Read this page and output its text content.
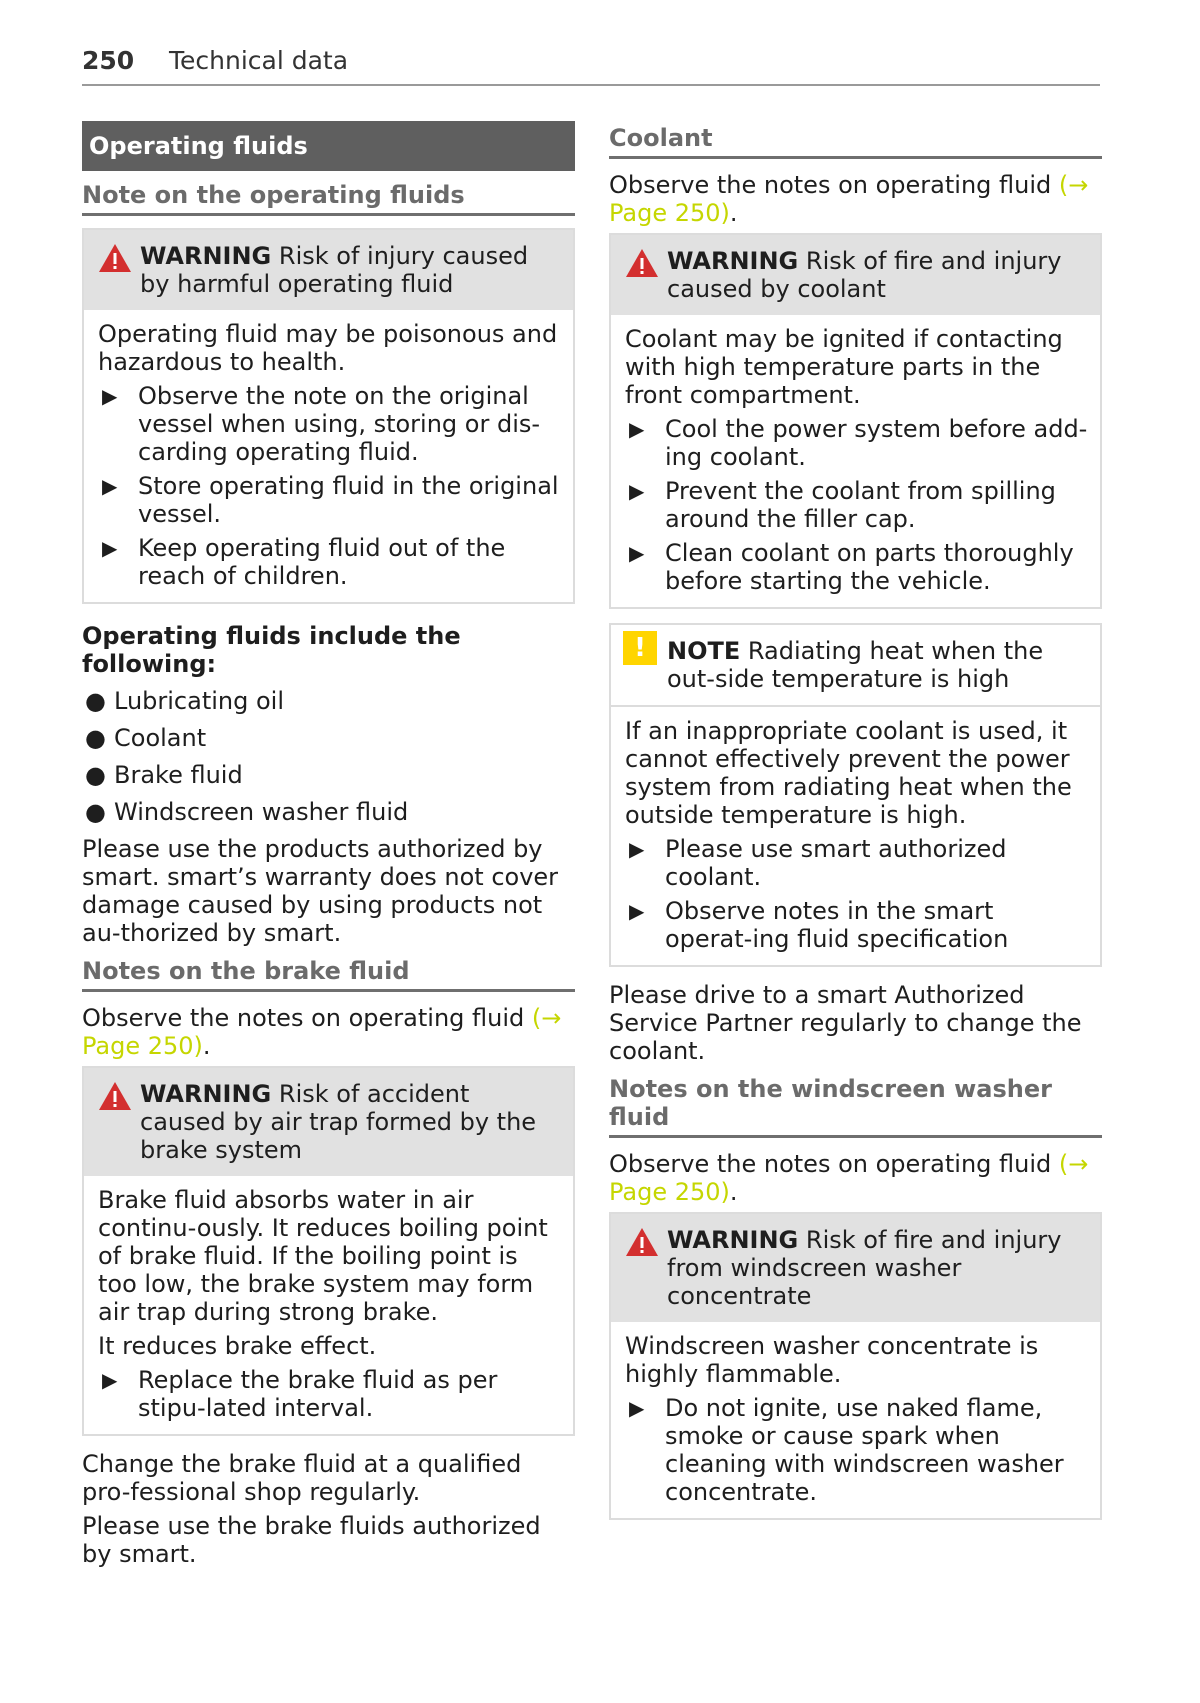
250 Technical data
Operating fluids
Note on the operating fluids
WARNING Risk of injury caused by harmful operating fluid

Operating fluid may be poisonous and hazardous to health.

▶ Observe the note on the original vessel when using, storing or dis-carding operating fluid.
▶ Store operating fluid in the original vessel.
▶ Keep operating fluid out of the reach of children.
Operating fluids include the following:
● Lubricating oil
● Coolant
● Brake fluid
● Windscreen washer fluid

Please use the products authorized by smart. smart’s warranty does not cover damage caused by using products not au-thorized by smart.

Notes on the brake fluid

Observe the notes on operating fluid (→ Page 250).

WARNING Risk of accident caused by air trap formed by the brake system

Brake fluid absorbs water in air continu-ously. It reduces boiling point of brake fluid. If the boiling point is too low, the brake system may form air trap during strong brake.

It reduces brake effect.

▶ Replace the brake fluid as per stipu-lated interval.

Change the brake fluid at a qualified pro-fessional shop regularly.

Please use the brake fluids authorized by smart.

Coolant

Observe the notes on operating fluid (→ Page 250).

WARNING Risk of fire and injury caused by coolant

Coolant may be ignited if contacting with high temperature parts in the front compartment.

▶ Cool the power system before add-ing coolant.
▶ Prevent the coolant from spilling around the filler cap.
▶ Clean coolant on parts thoroughly before starting the vehicle.
! NOTE Radiating heat when the out-side temperature is high

If an inappropriate coolant is used, it cannot effectively prevent the power system from radiating heat when the outside temperature is high.

▶ Please use smart authorized coolant.
▶ Observe notes in the smart operat-ing fluid specification

Please drive to a smart Authorized Service Partner regularly to change the coolant.

Notes on the windscreen washer fluid

Observe the notes on operating fluid (→ Page 250).

WARNING Risk of fire and injury from windscreen washer concentrate

Windscreen washer concentrate is highly flammable.

▶ Do not ignite, use naked flame, smoke or cause spark when cleaning with windscreen washer concentrate.
